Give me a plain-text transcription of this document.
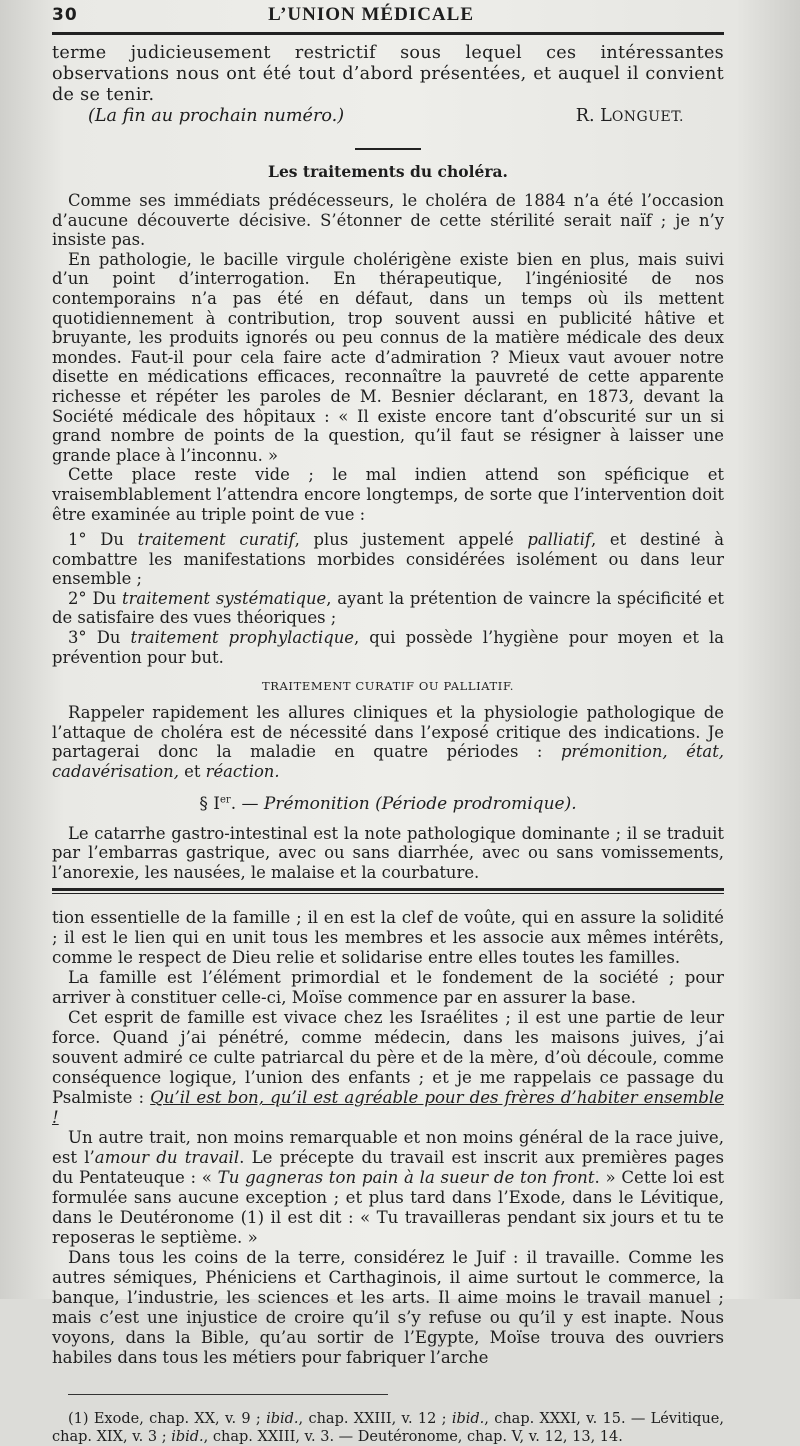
30	L’UNION MÉDICALE

terme judicieusement restrictif sous lequel ces intéressantes observations nous ont été tout d’abord présentées, et auquel il convient de se tenir.

(La fin au prochain numéro.)	R. LONGUET.
Les traitements du choléra.

Comme ses immédiats prédécesseurs, le choléra de 1884 n’a été l’occasion d’aucune découverte décisive. S’étonner de cette stérilité serait naïf ; je n’y insiste pas.

En pathologie, le bacille virgule cholérigène existe bien en plus, mais suivi d’un point d’interrogation. En thérapeutique, l’ingéniosité de nos contemporains n’a pas été en défaut, dans un temps où ils mettent quotidiennement à contribution, trop souvent aussi en publicité hâtive et bruyante, les produits ignorés ou peu connus de la matière médicale des deux mondes. Faut-il pour cela faire acte d’admiration ? Mieux vaut avouer notre disette en médications efficaces, reconnaître la pauvreté de cette apparente richesse et répéter les paroles de M. Besnier déclarant, en 1873, devant la Société médicale des hôpitaux : « Il existe encore tant d’obscurité sur un si grand nombre de points de la question, qu’il faut se résigner à laisser une grande place à l’inconnu. »

Cette place reste vide ; le mal indien attend son spéficique et vraisemblablement l’attendra encore longtemps, de sorte que l’intervention doit être examinée au triple point de vue :

1° Du traitement curatif, plus justement appelé palliatif, et destiné à combattre les manifestations morbides considérées isolément ou dans leur ensemble ;

2° Du traitement systématique, ayant la prétention de vaincre la spécificité et de satisfaire des vues théoriques ;

3° Du traitement prophylactique, qui possède l’hygiène pour moyen et la prévention pour but.

TRAITEMENT CURATIF OU PALLIATIF.

Rappeler rapidement les allures cliniques et la physiologie pathologique de l’attaque de choléra est de nécessité dans l’exposé critique des indications. Je partagerai donc la maladie en quatre périodes : prémonition, état, cadavérisation, et réaction.

§ Ier. — Prémonition (Période prodromique).

Le catarrhe gastro-intestinal est la note pathologique dominante ; il se traduit par l’embarras gastrique, avec ou sans diarrhée, avec ou sans vomissements, l’anorexie, les nausées, le malaise et la courbature.

tion essentielle de la famille ; il en est la clef de voûte, qui en assure la solidité ; il est le lien qui en unit tous les membres et les associe aux mêmes intérêts, comme le respect de Dieu relie et solidarise entre elles toutes les familles.

La famille est l’élément primordial et le fondement de la société ; pour arriver à constituer celle-ci, Moïse commence par en assurer la base.

Cet esprit de famille est vivace chez les Israélites ; il est une partie de leur force. Quand j’ai pénétré, comme médecin, dans les maisons juives, j’ai souvent admiré ce culte patriarcal du père et de la mère, d’où découle, comme conséquence logique, l’union des enfants ; et je me rappelais ce passage du Psalmiste : Qu’il est bon, qu’il est agréable pour des frères d’habiter ensemble !

Un autre trait, non moins remarquable et non moins général de la race juive, est l’amour du travail. Le précepte du travail est inscrit aux premières pages du Pentateuque : « Tu gagneras ton pain à la sueur de ton front. » Cette loi est formulée sans aucune exception ; et plus tard dans l’Exode, dans le Lévitique, dans le Deutéronome (1) il est dit : « Tu travailleras pendant six jours et tu te reposeras le septième. »

Dans tous les coins de la terre, considérez le Juif : il travaille. Comme les autres sémiques, Phéniciens et Carthaginois, il aime surtout le commerce, la banque, l’industrie, les sciences et les arts. Il aime moins le travail manuel ; mais c’est une injustice de croire qu’il s’y refuse ou qu’il y est inapte. Nous voyons, dans la Bible, qu’au sortir de l’Egypte, Moïse trouva des ouvriers habiles dans tous les métiers pour fabriquer l’arche

(1) Exode, chap. XX, v. 9 ; ibid., chap. XXIII, v. 12 ; ibid., chap. XXXI, v. 15. — Lévitique, chap. XIX, v. 3 ; ibid., chap. XXIII, v. 3. — Deutéronome, chap. V, v. 12, 13, 14.
